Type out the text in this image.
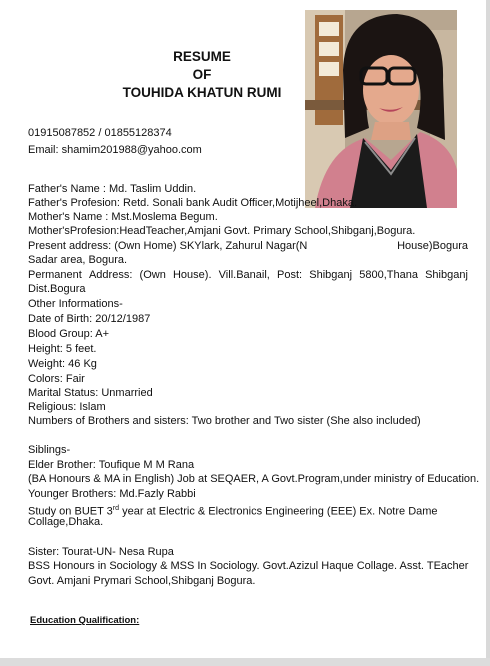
RESUME
OF
TOUHIDA KHATUN RUMI
01915087852 / 01855128374
Email: shamim201988@yahoo.com
Father's Name : Md. Taslim Uddin.
Father's Profesion: Retd. Sonali bank Audit Officer,Motijheel,Dhaka.
Mother's Name : Mst.Moslema Begum.
Mother'sProfesion:HeadTeacher,Amjani Govt. Primary School,Shibganj,Bogura.
Present address: (Own Home) SKYlark, Zahurul Nagar(N	House)Bogura
Sadar area, Bogura.
Permanent Address: (Own House). Vill.Banail, Post: Shibganj 5800,Thana Shibganj
Dist.Bogura
Other Informations-
Date of Birth: 20/12/1987
Blood Group: A+
Height: 5 feet.
Weight: 46 Kg
Colors: Fair
Marital Status: Unmarried
Religious: Islam
Numbers of Brothers and sisters: Two brother and Two sister (She also included)
Siblings-
Elder Brother: Toufique M M Rana
(BA Honours & MA in English) Job at SEQAER, A Govt.Program,under ministry of Education.
Younger Brothers: Md.Fazly Rabbi
Study on BUET 3rd year at Electric & Electronics Engineering (EEE) Ex. Notre Dame
Collage,Dhaka.
Sister: Tourat-UN- Nesa Rupa
BSS Honours in Sociology & MSS In Sociology. Govt.Azizul Haque Collage. Asst. TEacher
Govt. Amjani Prymari School,Shibganj Bogura.
Education Qualification:
